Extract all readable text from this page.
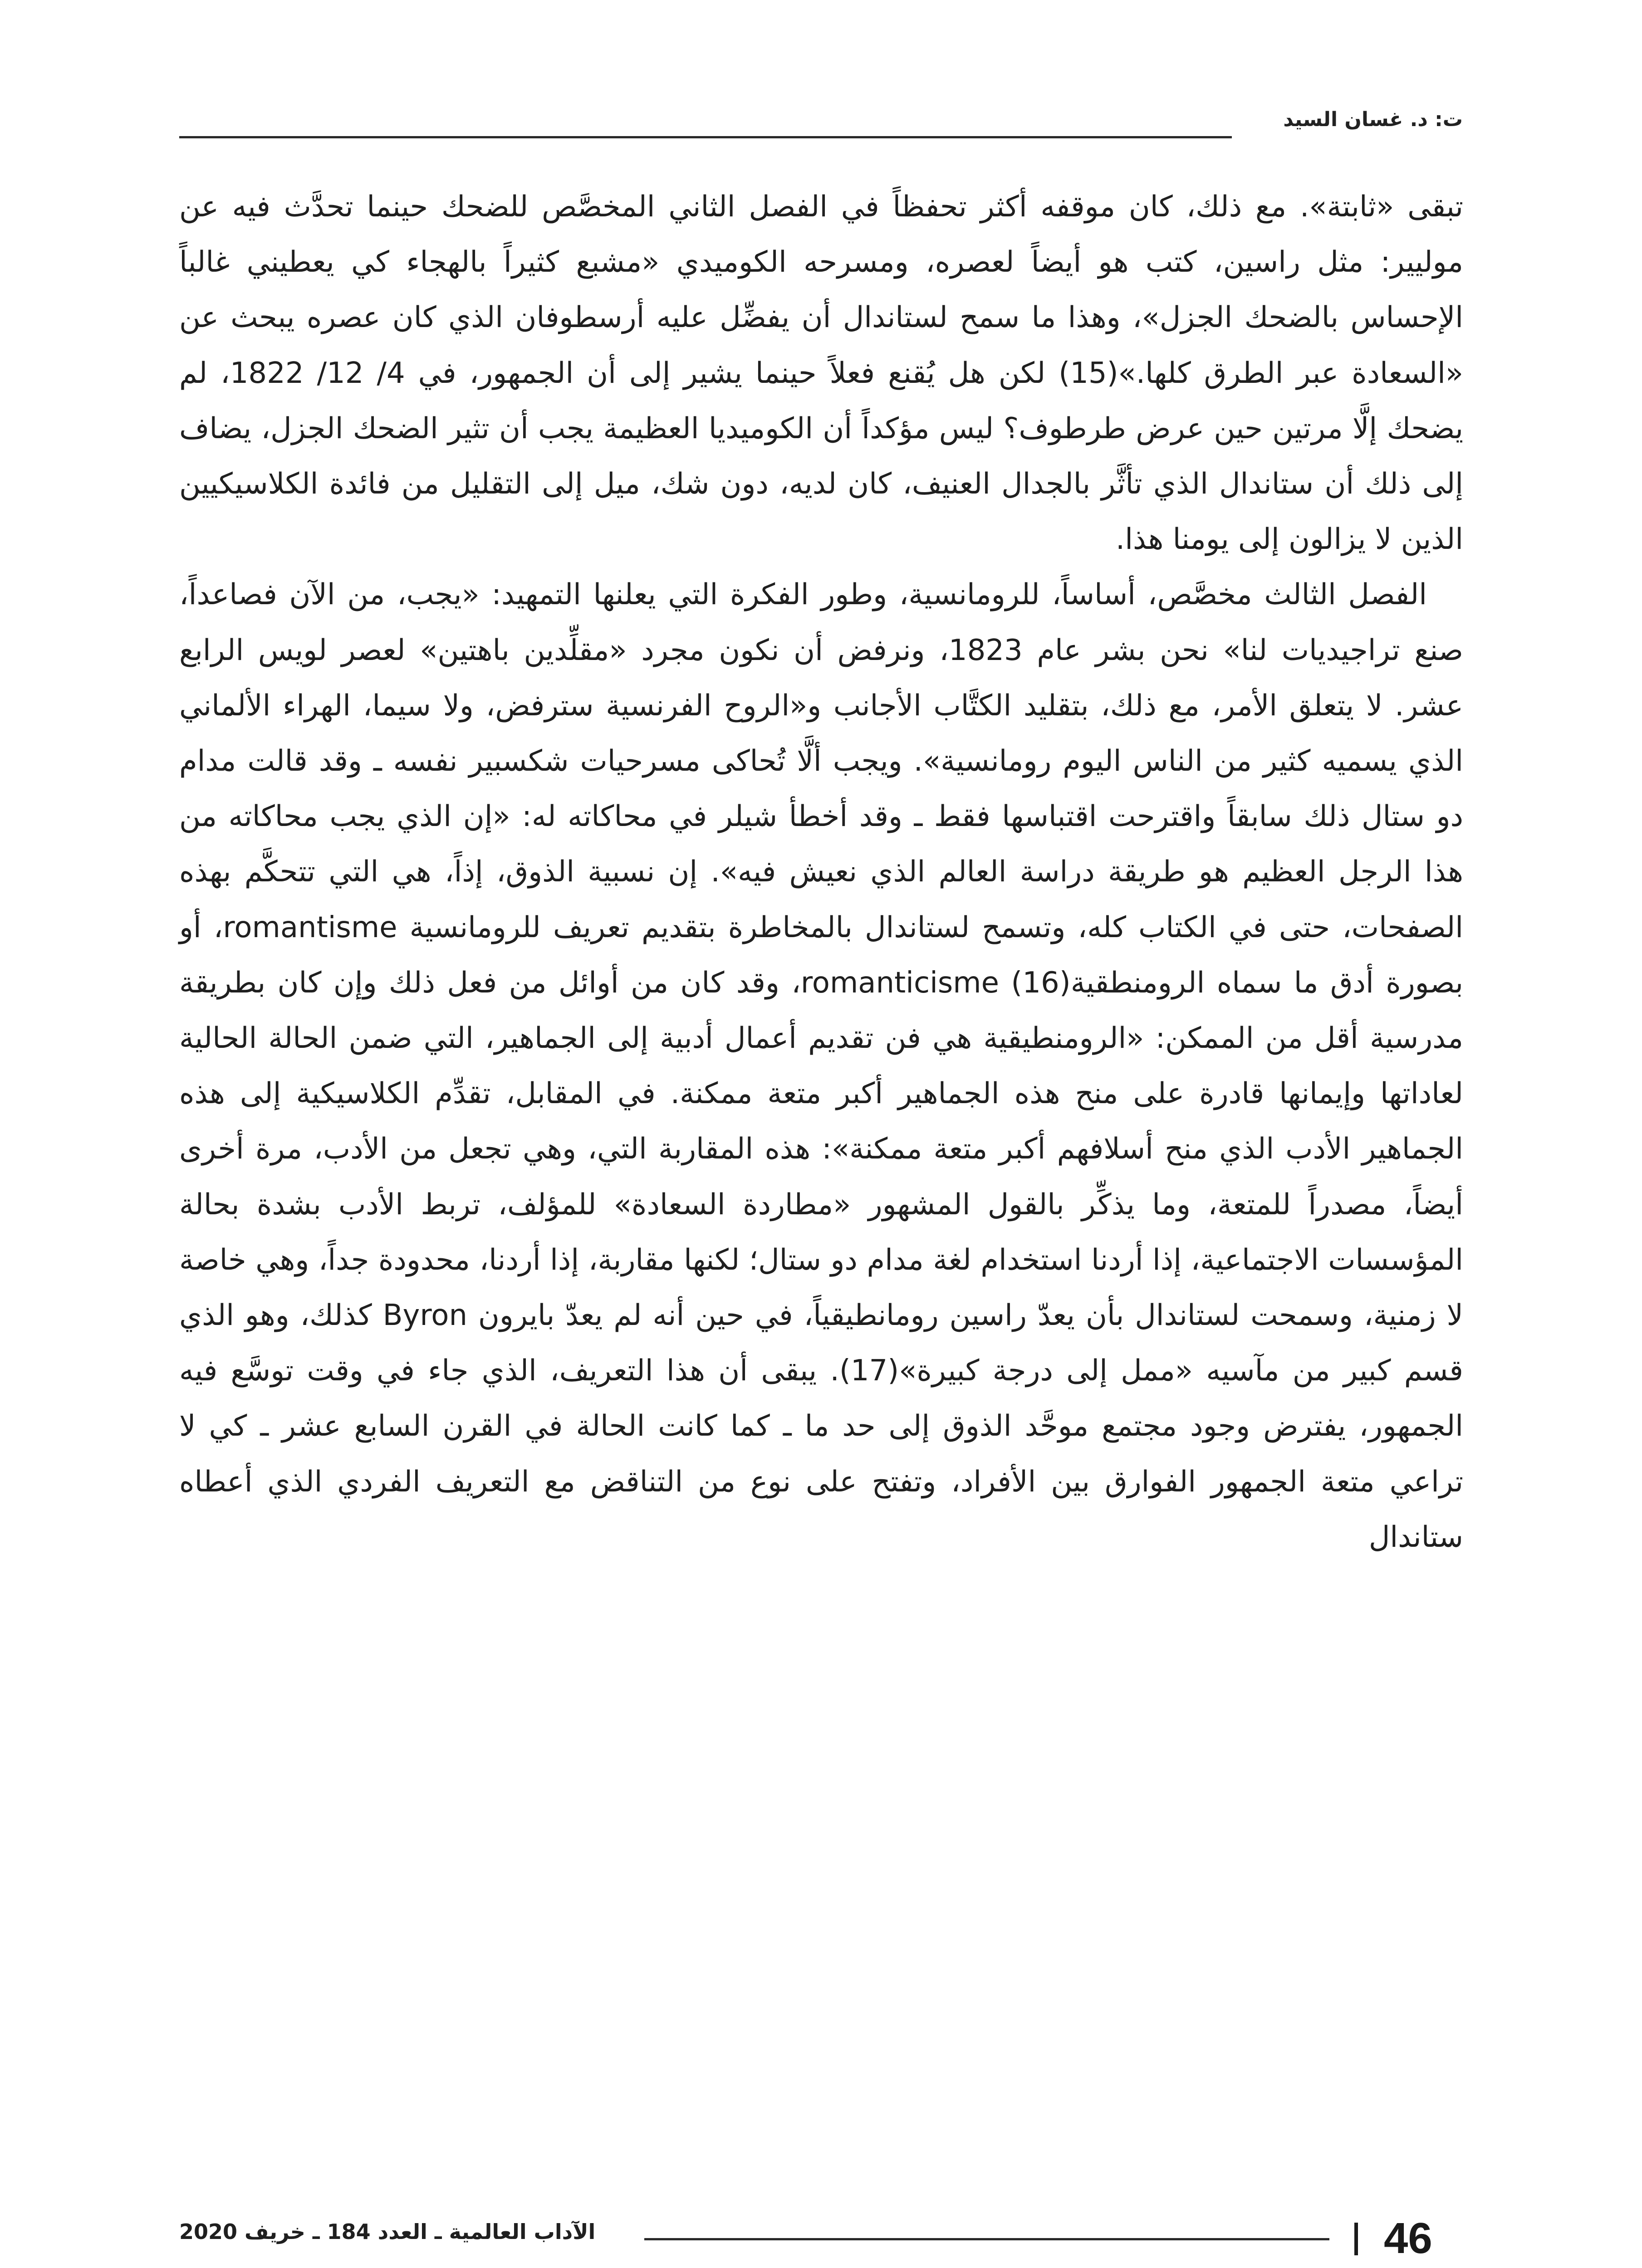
ت: د. غسان السيد

تبقى «ثابتة». مع ذلك، كان موقفه أكثر تحفظاً في الفصل الثاني المخصَّص للضحك حينما تحدَّث فيه عن موليير: مثل راسين، كتب هو أيضاً لعصره، ومسرحه الكوميدي «مشبع كثيراً بالهجاء كي يعطيني غالباً الإحساس بالضحك الجزل»، وهذا ما سمح لستاندال أن يفضِّل عليه أرسطوفان الذي كان عصره يبحث عن «السعادة عبر الطرق كلها.»(15) لكن هل يُقنع فعلاً حينما يشير إلى أن الجمهور، في 4/ 12/ 1822، لم يضحك إلَّا مرتين حين عرض طرطوف؟ ليس مؤكداً أن الكوميديا العظيمة يجب أن تثير الضحك الجزل، يضاف إلى ذلك أن ستاندال الذي تأثَّر بالجدال العنيف، كان لديه، دون شك، ميل إلى التقليل من فائدة الكلاسيكيين الذين لا يزالون إلى يومنا هذا.

الفصل الثالث مخصَّص، أساساً، للرومانسية، وطور الفكرة التي يعلنها التمهيد: «يجب، من الآن فصاعداً، صنع تراجيديات لنا» نحن بشر عام 1823، ونرفض أن نكون مجرد «مقلِّدين باهتين» لعصر لويس الرابع عشر. لا يتعلق الأمر، مع ذلك، بتقليد الكتَّاب الأجانب و«الروح الفرنسية سترفض، ولا سيما، الهراء الألماني الذي يسميه كثير من الناس اليوم رومانسية». ويجب ألَّا تُحاكى مسرحيات شكسبير نفسه ـ وقد قالت مدام دو ستال ذلك سابقاً واقترحت اقتباسها فقط ـ وقد أخطأ شيلر في محاكاته له: «إن الذي يجب محاكاته من هذا الرجل العظيم هو طريقة دراسة العالم الذي نعيش فيه». إن نسبية الذوق، إذاً، هي التي تتحكَّم بهذه الصفحات، حتى في الكتاب كله، وتسمح لستاندال بالمخاطرة بتقديم تعريف للرومانسية romantisme، أو بصورة أدق ما سماه الرومنطقية(16) romanticisme، وقد كان من أوائل من فعل ذلك وإن كان بطريقة مدرسية أقل من الممكن: «الرومنطيقية هي فن تقديم أعمال أدبية إلى الجماهير، التي ضمن الحالة الحالية لعاداتها وإيمانها قادرة على منح هذه الجماهير أكبر متعة ممكنة. في المقابل، تقدِّم الكلاسيكية إلى هذه الجماهير الأدب الذي منح أسلافهم أكبر متعة ممكنة»: هذه المقاربة التي، وهي تجعل من الأدب، مرة أخرى أيضاً، مصدراً للمتعة، وما يذكِّر بالقول المشهور «مطاردة السعادة» للمؤلف، تربط الأدب بشدة بحالة المؤسسات الاجتماعية، إذا أردنا استخدام لغة مدام دو ستال؛ لكنها مقاربة، إذا أردنا، محدودة جداً، وهي خاصة لا زمنية، وسمحت لستاندال بأن يعدّ راسين رومانطيقياً، في حين أنه لم يعدّ بايرون Byron كذلك، وهو الذي قسم كبير من مآسيه «ممل إلى درجة كبيرة»(17). يبقى أن هذا التعريف، الذي جاء في وقت توسَّع فيه الجمهور، يفترض وجود مجتمع موحَّد الذوق إلى حد ما ـ كما كانت الحالة في القرن السابع عشر ـ كي لا تراعي متعة الجمهور الفوارق بين الأفراد، وتفتح على نوع من التناقض مع التعريف الفردي الذي أعطاه ستاندال

46
الآداب العالمية ـ العدد 184 ـ خريف 2020
